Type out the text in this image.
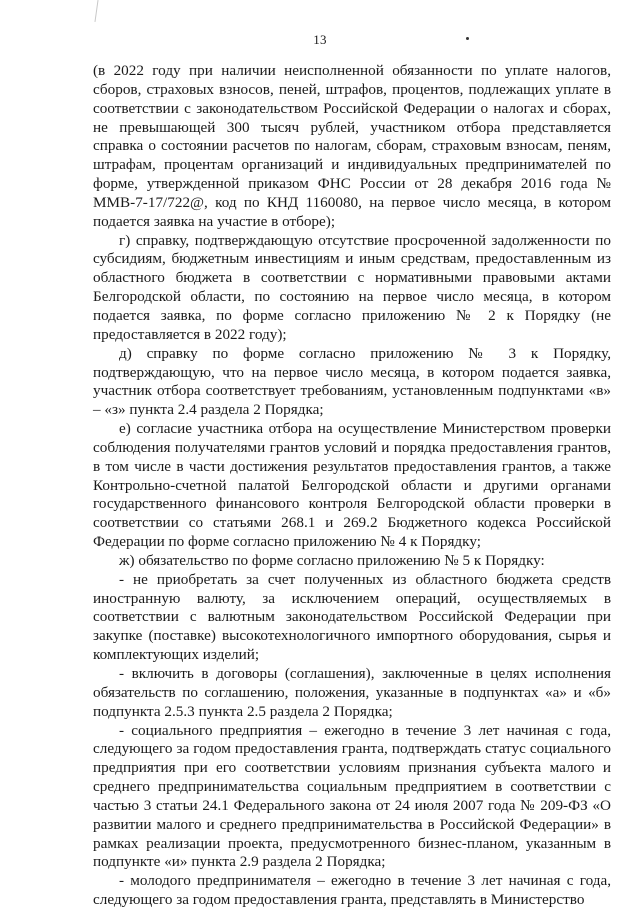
13

(в 2022 году при наличии неисполненной обязанности по уплате налогов, сборов, страховых взносов, пеней, штрафов, процентов, подлежащих уплате в соответствии с законодательством Российской Федерации о налогах и сборах, не превышающей 300 тысяч рублей, участником отбора представляется справка о состоянии расчетов по налогам, сборам, страховым взносам, пеням, штрафам, процентам организаций и индивидуальных предпринимателей по форме, утвержденной приказом ФНС России от 28 декабря 2016 года № ММВ-7-17/722@, код по КНД 1160080, на первое число месяца, в котором подается заявка на участие в отборе);

г) справку, подтверждающую отсутствие просроченной задолженности по субсидиям, бюджетным инвестициям и иным средствам, предоставленным из областного бюджета в соответствии с нормативными правовыми актами Белгородской области, по состоянию на первое число месяца, в котором подается заявка, по форме согласно приложению № 2 к Порядку (не предоставляется в 2022 году);

д) справку по форме согласно приложению № 3 к Порядку, подтверждающую, что на первое число месяца, в котором подается заявка, участник отбора соответствует требованиям, установленным подпунктами «в» – «з» пункта 2.4 раздела 2 Порядка;

е) согласие участника отбора на осуществление Министерством проверки соблюдения получателями грантов условий и порядка предоставления грантов, в том числе в части достижения результатов предоставления грантов, а также Контрольно-счетной палатой Белгородской области и другими органами государственного финансового контроля Белгородской области проверки в соответствии со статьями 268.1 и 269.2 Бюджетного кодекса Российской Федерации по форме согласно приложению № 4 к Порядку;

ж) обязательство по форме согласно приложению № 5 к Порядку:

- не приобретать за счет полученных из областного бюджета средств иностранную валюту, за исключением операций, осуществляемых в соответствии с валютным законодательством Российской Федерации при закупке (поставке) высокотехнологичного импортного оборудования, сырья и комплектующих изделий;

- включить в договоры (соглашения), заключенные в целях исполнения обязательств по соглашению, положения, указанные в подпунктах «а» и «б» подпункта 2.5.3 пункта 2.5 раздела 2 Порядка;

- социального предприятия – ежегодно в течение 3 лет начиная с года, следующего за годом предоставления гранта, подтверждать статус социального предприятия при его соответствии условиям признания субъекта малого и среднего предпринимательства социальным предприятием в соответствии с частью 3 статьи 24.1 Федерального закона от 24 июля 2007 года № 209-ФЗ «О развитии малого и среднего предпринимательства в Российской Федерации» в рамках реализации проекта, предусмотренного бизнес-планом, указанным в подпункте «и» пункта 2.9 раздела 2 Порядка;

- молодого предпринимателя – ежегодно в течение 3 лет начиная с года, следующего за годом предоставления гранта, представлять в Министерство
